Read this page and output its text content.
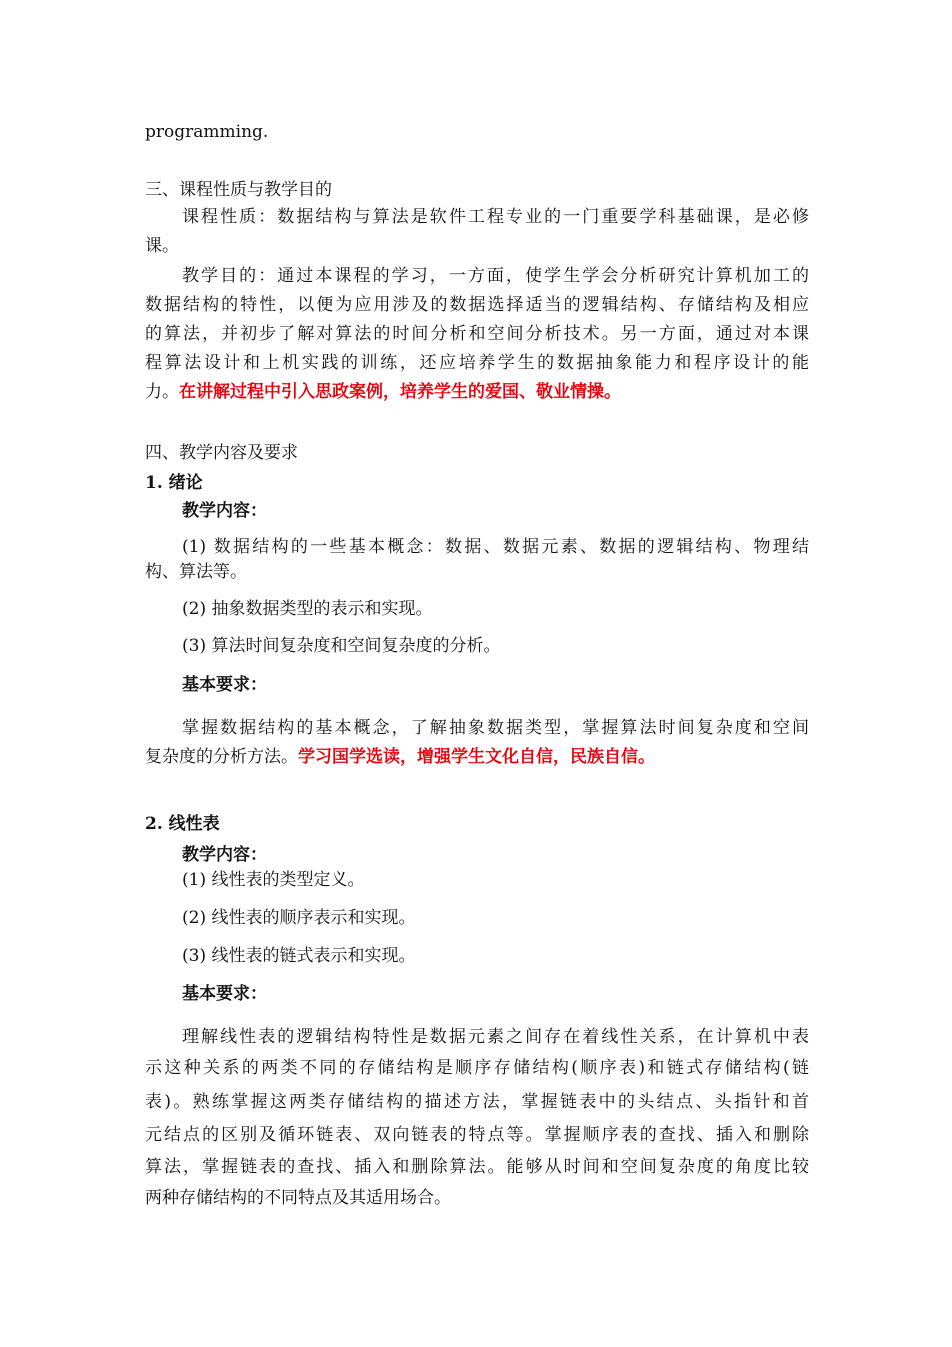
programming.
三、课程性质与教学目的
课程性质：数据结构与算法是软件工程专业的一门重要学科基础课，是必修
课。
教学目的：通过本课程的学习，一方面，使学生学会分析研究计算机加工的
数据结构的特性，以便为应用涉及的数据选择适当的逻辑结构、存储结构及相应
的算法，并初步了解对算法的时间分析和空间分析技术。另一方面，通过对本课
程算法设计和上机实践的训练，还应培养学生的数据抽象能力和程序设计的能
力。在讲解过程中引入思政案例，培养学生的爱国、敬业情操。
四、教学内容及要求
1. 绪论
教学内容：
(1) 数据结构的一些基本概念：数据、数据元素、数据的逻辑结构、物理结
构、算法等。
(2) 抽象数据类型的表示和实现。
(3) 算法时间复杂度和空间复杂度的分析。
基本要求：
掌握数据结构的基本概念，了解抽象数据类型，掌握算法时间复杂度和空间
复杂度的分析方法。学习国学选读，增强学生文化自信，民族自信。
2. 线性表
教学内容：
(1) 线性表的类型定义。
(2) 线性表的顺序表示和实现。
(3) 线性表的链式表示和实现。
基本要求：
理解线性表的逻辑结构特性是数据元素之间存在着线性关系，在计算机中表
示这种关系的两类不同的存储结构是顺序存储结构(顺序表)和链式存储结构(链
表)。熟练掌握这两类存储结构的描述方法，掌握链表中的头结点、头指针和首
元结点的区别及循环链表、双向链表的特点等。掌握顺序表的查找、插入和删除
算法，掌握链表的查找、插入和删除算法。能够从时间和空间复杂度的角度比较
两种存储结构的不同特点及其适用场合。
